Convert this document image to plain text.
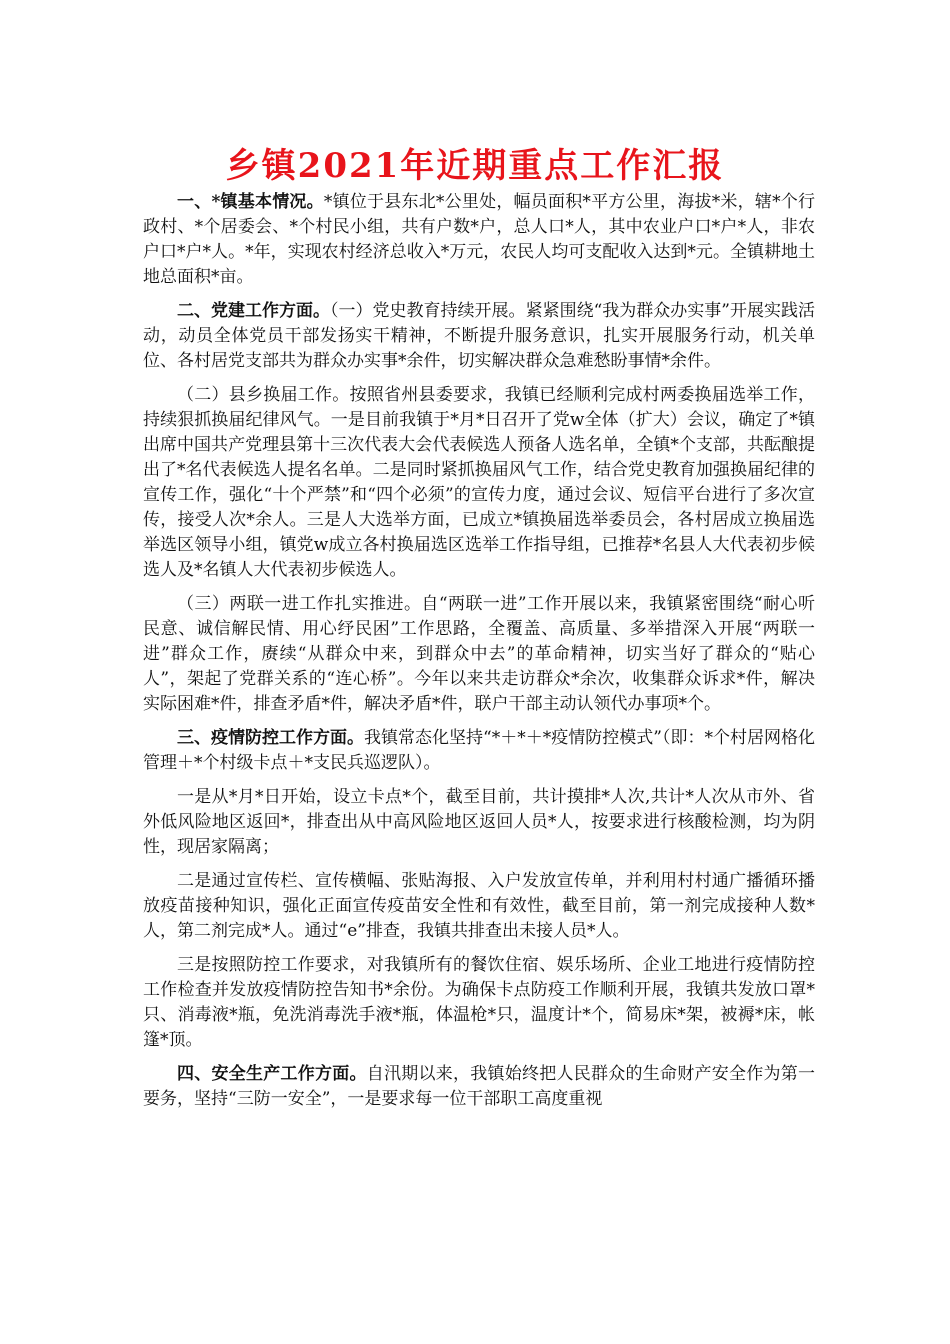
乡镇2021年近期重点工作汇报

一、*镇基本情况。*镇位于县东北*公里处，幅员面积*平方公里，海拔*米，辖*个行政村、*个居委会、*个村民小组，共有户数*户，总人口*人，其中农业户口*户*人，非农户口*户*人。*年，实现农村经济总收入*万元，农民人均可支配收入达到*元。全镇耕地土地总面积*亩。

二、党建工作方面。（一）党史教育持续开展。紧紧围绕“我为群众办实事”开展实践活动，动员全体党员干部发扬实干精神，不断提升服务意识，扎实开展服务行动，机关单位、各村居党支部共为群众办实事*余件，切实解决群众急难愁盼事情*余件。

（二）县乡换届工作。按照省州县委要求，我镇已经顺利完成村两委换届选举工作，持续狠抓换届纪律风气。一是目前我镇于*月*日召开了党w全体（扩大）会议，确定了*镇出席中国共产党理县第十三次代表大会代表候选人预备人选名单，全镇*个支部，共酝酿提出了*名代表候选人提名名单。二是同时紧抓换届风气工作，结合党史教育加强换届纪律的宣传工作，强化“十个严禁”和“四个必须”的宣传力度，通过会议、短信平台进行了多次宣传，接受人次*余人。三是人大选举方面，已成立*镇换届选举委员会，各村居成立换届选举选区领导小组，镇党w成立各村换届选区选举工作指导组，已推荐*名县人大代表初步候选人及*名镇人大代表初步候选人。

（三）两联一进工作扎实推进。自“两联一进”工作开展以来，我镇紧密围绕“耐心听民意、诚信解民情、用心纾民困”工作思路，全覆盖、高质量、多举措深入开展“两联一进”群众工作，赓续“从群众中来，到群众中去”的革命精神，切实当好了群众的“贴心人”，架起了党群关系的“连心桥”。今年以来共走访群众*余次，收集群众诉求*件，解决实际困难*件，排查矛盾*件，解决矛盾*件，联户干部主动认领代办事项*个。

三、疫情防控工作方面。我镇常态化坚持“*＋*＋*疫情防控模式”（即：*个村居网格化管理＋*个村级卡点＋*支民兵巡逻队）。

一是从*月*日开始，设立卡点*个，截至目前，共计摸排*人次,共计*人次从市外、省外低风险地区返回*，排查出从中高风险地区返回人员*人，按要求进行核酸检测，均为阴性，现居家隔离；

二是通过宣传栏、宣传横幅、张贴海报、入户发放宣传单，并利用村村通广播循环播放疫苗接种知识，强化正面宣传疫苗安全性和有效性，截至目前，第一剂完成接种人数*人，第二剂完成*人。通过“e”排查，我镇共排查出未接人员*人。

三是按照防控工作要求，对我镇所有的餐饮住宿、娱乐场所、企业工地进行疫情防控工作检查并发放疫情防控告知书*余份。为确保卡点防疫工作顺利开展，我镇共发放口罩*只、消毒液*瓶，免洗消毒洗手液*瓶，体温枪*只，温度计*个，简易床*架，被褥*床，帐篷*顶。

四、安全生产工作方面。自汛期以来，我镇始终把人民群众的生命财产安全作为第一要务，坚持“三防一安全”，一是要求每一位干部职工高度重视
